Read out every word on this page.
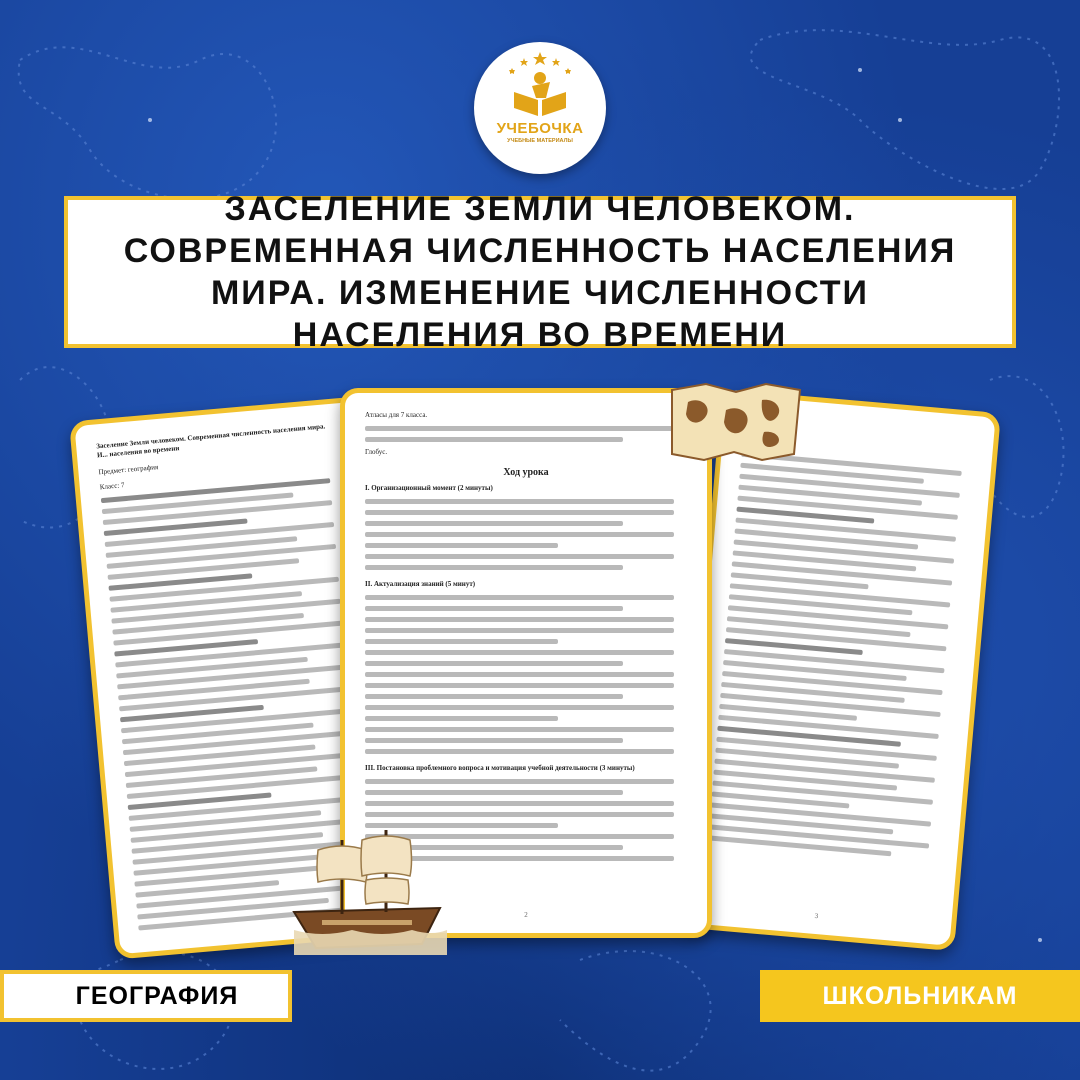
УЧЕБОЧКА
УЧЕБНЫЕ МАТЕРИАЛЫ
ЗАСЕЛЕНИЕ ЗЕМЛИ ЧЕЛОВЕКОМ. СОВРЕМЕННАЯ ЧИСЛЕННОСТЬ НАСЕЛЕНИЯ МИРА. ИЗМЕНЕНИЕ ЧИСЛЕННОСТИ НАСЕЛЕНИЯ ВО ВРЕМЕНИ
Заселение Земли человеком. Современная численность населения мира. И... населения во времени
Предмет: география
Класс: 7
3
Атласы для 7 класса.
Глобус.
Ход урока
I. Организационный момент (2 минуты)
II. Актуализация знаний (5 минут)
III. Постановка проблемного вопроса и мотивация учебной деятельности (3 минуты)
2
ГЕОГРАФИЯ	ШКОЛЬНИКАМ
